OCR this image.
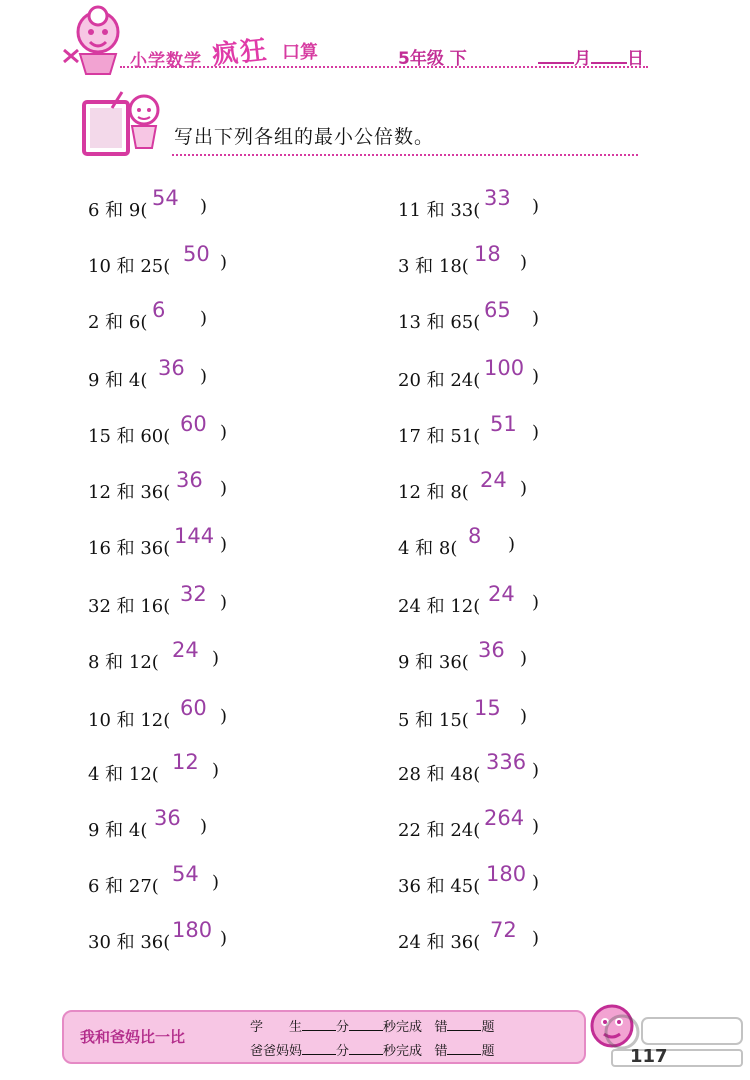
小学数学 疯狂 口算	5年级 下	月 日
写出下列各组的最小公倍数。
6 和 9(
54 )
10 和 25(
50 )
2 和 6(
6 )
9 和 4(
36 )
15 和 60(
60 )
12 和 36(
36 )
16 和 36(
144 )
32 和 16(
32 )
8 和 12(
24 )
10 和 12(
60 )
4 和 12(
12 )
9 和 4(
36 )
6 和 27(
54 )
30 和 36(
180 )
11 和 33(
33 )
3 和 18(
18 )
13 和 65(
65 )
20 和 24(
100 )
17 和 51(
51 )
12 和 8(
24 )
4 和 8(
8 )
24 和 12(
24 )
9 和 36(
36 )
5 和 15(
15 )
28 和 48(
336 )
22 和 24(
264 )
36 和 45(
180 )
24 和 36(
72 )
我和爸妈比一比
学　　生	分	秒完成 错	题
爸爸妈妈	分	秒完成 错	题	117
